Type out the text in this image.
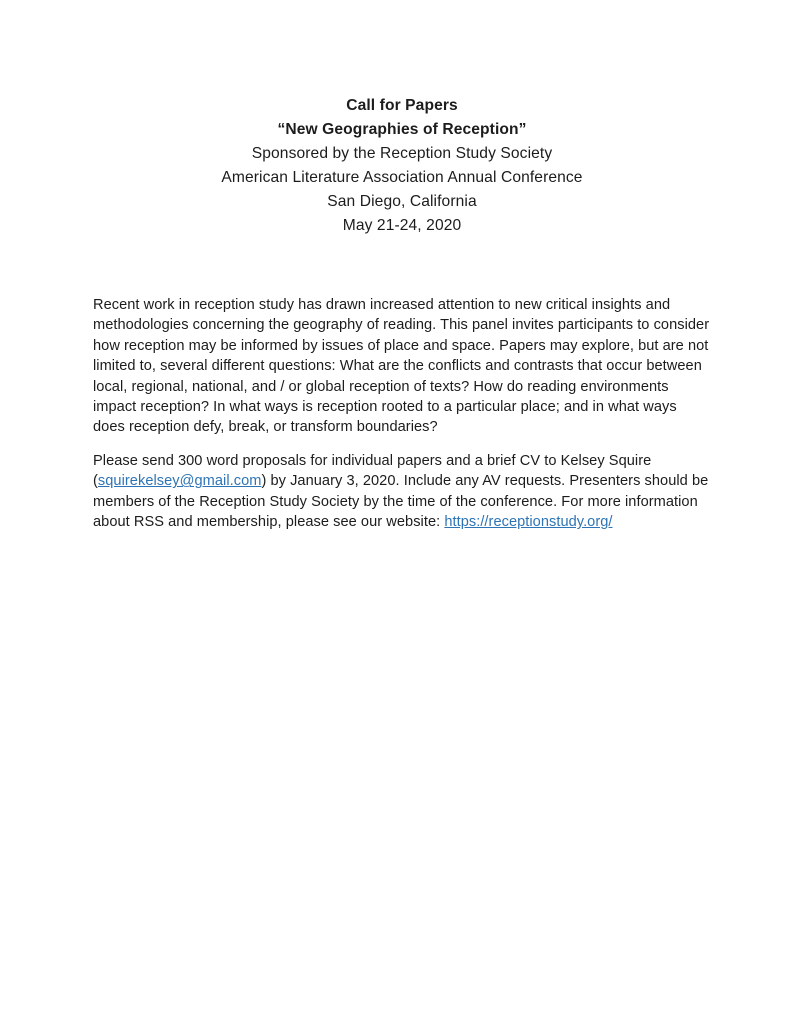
Call for Papers
“New Geographies of Reception”
Sponsored by the Reception Study Society
American Literature Association Annual Conference
San Diego, California
May 21-24, 2020

Recent work in reception study has drawn increased attention to new critical insights and methodologies concerning the geography of reading. This panel invites participants to consider how reception may be informed by issues of place and space. Papers may explore, but are not limited to, several different questions: What are the conflicts and contrasts that occur between local, regional, national, and / or global reception of texts? How do reading environments impact reception? In what ways is reception rooted to a particular place; and in what ways does reception defy, break, or transform boundaries?

Please send 300 word proposals for individual papers and a brief CV to Kelsey Squire (squirekelsey@gmail.com) by January 3, 2020. Include any AV requests. Presenters should be members of the Reception Study Society by the time of the conference. For more information about RSS and membership, please see our website: https://receptionstudy.org/
